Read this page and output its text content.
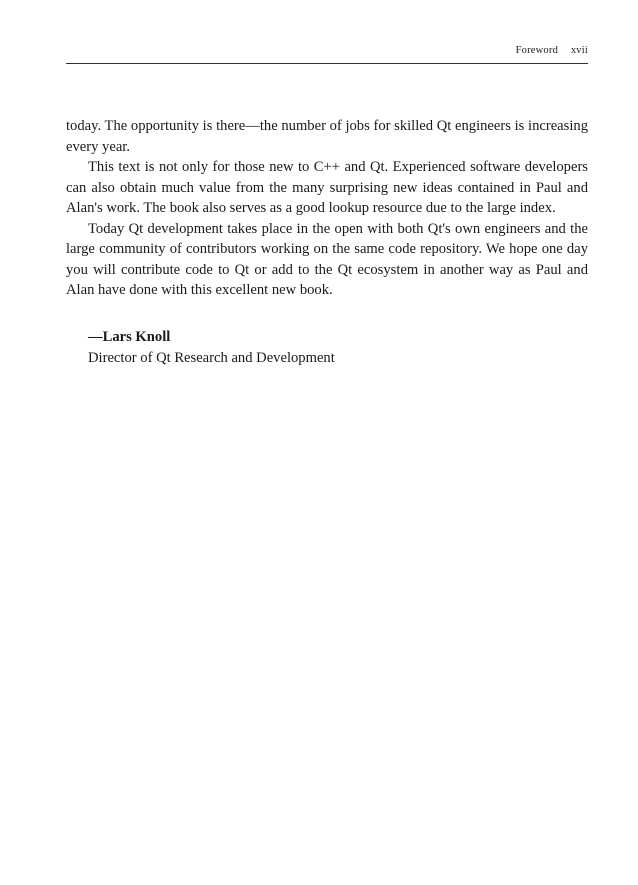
Foreword xvii

today. The opportunity is there—the number of jobs for skilled Qt engineers is increasing every year.

This text is not only for those new to C++ and Qt. Experienced software developers can also obtain much value from the many surprising new ideas contained in Paul and Alan's work. The book also serves as a good lookup resource due to the large index.

Today Qt development takes place in the open with both Qt's own engineers and the large community of contributors working on the same code repository. We hope one day you will contribute code to Qt or add to the Qt ecosystem in another way as Paul and Alan have done with this excellent new book.

—Lars Knoll
Director of Qt Research and Development
